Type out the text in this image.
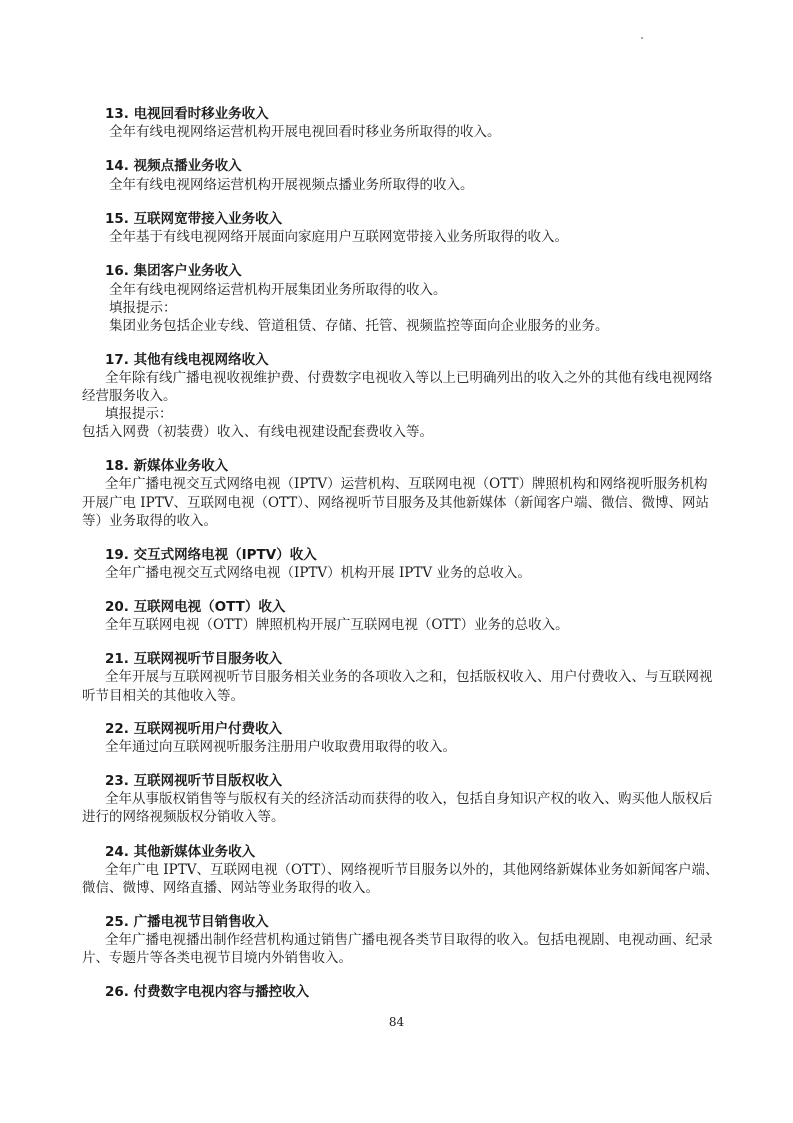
13. 电视回看时移业务收入
全年有线电视网络运营机构开展电视回看时移业务所取得的收入。
14. 视频点播业务收入
全年有线电视网络运营机构开展视频点播业务所取得的收入。
15. 互联网宽带接入业务收入
全年基于有线电视网络开展面向家庭用户互联网宽带接入业务所取得的收入。
16. 集团客户业务收入
全年有线电视网络运营机构开展集团业务所取得的收入。
填报提示：
集团业务包括企业专线、管道租赁、存储、托管、视频监控等面向企业服务的业务。
17. 其他有线电视网络收入
全年除有线广播电视收视维护费、付费数字电视收入等以上已明确列出的收入之外的其他有线电视网络
经营服务收入。
填报提示：
包括入网费（初装费）收入、有线电视建设配套费收入等。
18. 新媒体业务收入
全年广播电视交互式网络电视（IPTV）运营机构、互联网电视（OTT）牌照机构和网络视听服务机构
开展广电 IPTV、互联网电视（OTT）、网络视听节目服务及其他新媒体（新闻客户端、微信、微博、网站
等）业务取得的收入。
19. 交互式网络电视（IPTV）收入
全年广播电视交互式网络电视（IPTV）机构开展 IPTV 业务的总收入。
20. 互联网电视（OTT）收入
全年互联网电视（OTT）牌照机构开展广互联网电视（OTT）业务的总收入。
21. 互联网视听节目服务收入
全年开展与互联网视听节目服务相关业务的各项收入之和，包括版权收入、用户付费收入、与互联网视
听节目相关的其他收入等。
22. 互联网视听用户付费收入
全年通过向互联网视听服务注册用户收取费用取得的收入。
23. 互联网视听节目版权收入
全年从事版权销售等与版权有关的经济活动而获得的收入，包括自身知识产权的收入、购买他人版权后
进行的网络视频版权分销收入等。
24. 其他新媒体业务收入
全年广电 IPTV、互联网电视（OTT）、网络视听节目服务以外的，其他网络新媒体业务如新闻客户端、
微信、微博、网络直播、网站等业务取得的收入。
25. 广播电视节目销售收入
全年广播电视播出制作经营机构通过销售广播电视各类节目取得的收入。包括电视剧、电视动画、纪录
片、专题片等各类电视节目境内外销售收入。
26. 付费数字电视内容与播控收入
84
